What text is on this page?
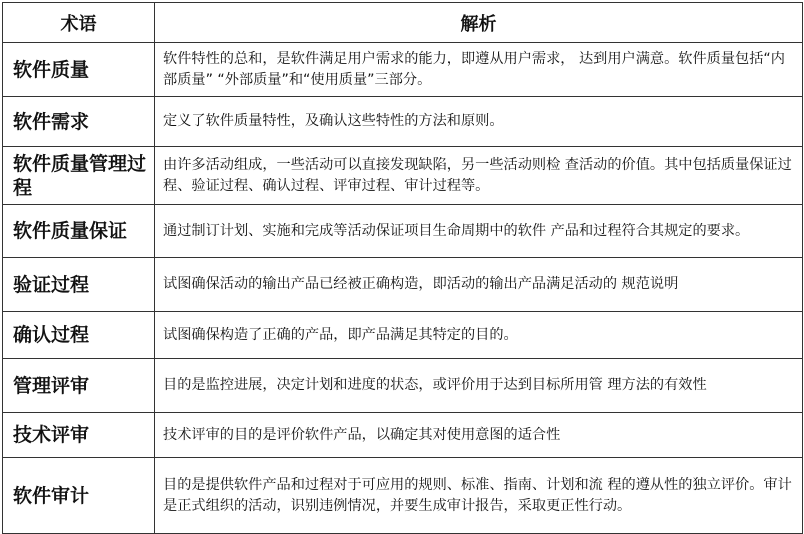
术语	解析
软件质量	软件特性的总和，是软件满足用户需求的能力，即遵从用户需求， 达到用户满意。软件质量包括“内部质量” “外部质量”和“使用质量”三部分。
软件需求	定义了软件质量特性，及确认这些特性的方法和原则。
软件质量管理过程	由许多活动组成，一些活动可以直接发现缺陷，另一些活动则检 查活动的价值。其中包括质量保证过程、验证过程、确认过程、评审过程、审计过程等。
软件质量保证	通过制订计划、实施和完成等活动保证项目生命周期中的软件 产品和过程符合其规定的要求。
验证过程	试图确保活动的输出产品已经被正确构造，即活动的输出产品满足活动的 规范说明
确认过程	试图确保构造了正确的产品，即产品满足其特定的目的。
管理评审	目的是监控进展，决定计划和进度的状态，或评价用于达到目标所用管 理方法的有效性
技术评审	技术评审的目的是评价软件产品，以确定其对使用意图的适合性
软件审计	目的是提供软件产品和过程对于可应用的规则、标准、指南、计划和流 程的遵从性的独立评价。审计是正式组织的活动，识别违例情况，并要生成审计报告，采取更正性行动。
